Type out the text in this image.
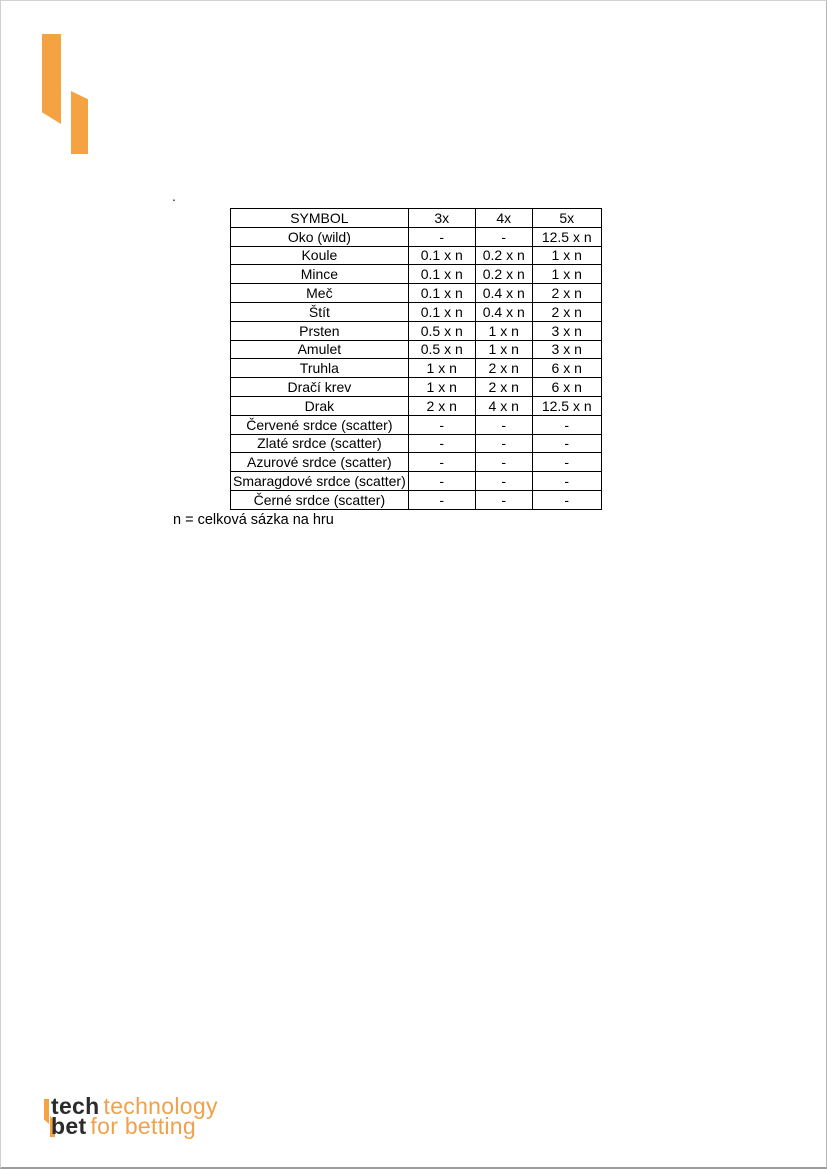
.
SYMBOL	3x	4x	5x
Oko (wild)	-	-	12.5 x n
Koule	0.1 x n	0.2 x n	1 x n
Mince	0.1 x n	0.2 x n	1 x n
Meč	0.1 x n	0.4 x n	2 x n
Štít	0.1 x n	0.4 x n	2 x n
Prsten	0.5 x n	1 x n	3 x n
Amulet	0.5 x n	1 x n	3 x n
Truhla	1 x n	2 x n	6 x n
Dračí krev	1 x n	2 x n	6 x n
Drak	2 x n	4 x n	12.5 x n
Červené srdce (scatter)	-	-	-
Zlaté srdce (scatter)	-	-	-
Azurové srdce (scatter)	-	-	-
Smaragdové srdce (scatter)	-	-	-
Černé srdce (scatter)	-	-	-
n = celková sázka na hru
tech technology
bet for betting
